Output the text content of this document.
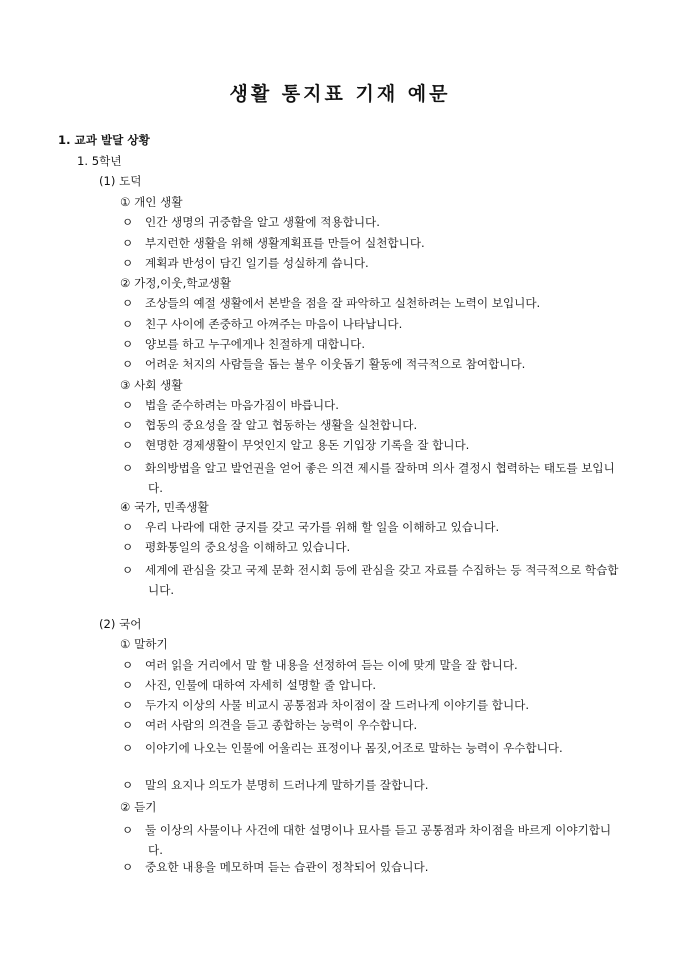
생활 통지표 기재 예문
1. 교과 발달 상황
1. 5학년
(1) 도덕
① 개인 생활
ㅇ 인간 생명의 귀중함을 알고 생활에 적용합니다.
ㅇ 부지런한 생활을 위해 생활계획표를 만들어 실천합니다.
ㅇ 계획과 반성이 담긴 일기를 성실하게 씁니다.
② 가정,이웃,학교생활
ㅇ 조상들의 예절 생활에서 본받을 점을 잘 파악하고 실천하려는 노력이 보입니다.
ㅇ 친구 사이에 존중하고 아껴주는 마음이 나타납니다.
ㅇ 양보를 하고 누구에게나 친절하게 대합니다.
ㅇ 어려운 처지의 사람들을 돕는 불우 이웃돕기 활동에 적극적으로 참여합니다.
③ 사회 생활
ㅇ 법을 준수하려는 마음가짐이 바릅니다.
ㅇ 협동의 중요성을 잘 알고 협동하는 생활을 실천합니다.
ㅇ 현명한 경제생활이 무엇인지 알고 용돈 기입장 기록을 잘 합니다.
ㅇ 화의방법을 알고 발언권을 얻어 좋은 의견 제시를 잘하며 의사 결정시 협력하는 태도를 보입니다.
④ 국가, 민족생활
ㅇ 우리 나라에 대한 긍지를 갖고 국가를 위해 할 일을 이해하고 있습니다.
ㅇ 평화통일의 중요성을 이해하고 있습니다.
ㅇ 세계에 관심을 갖고 국제 문화 전시회 등에 관심을 갖고 자료를 수집하는 등 적극적으로 학습합니다.
(2) 국어
① 말하기
ㅇ 여러 읽을 거리에서 말 할 내용을 선정하여 듣는 이에 맞게 말을 잘 합니다.
ㅇ 사진, 인물에 대하여 자세히 설명할 줄 압니다.
ㅇ 두가지 이상의 사물 비교시 공통점과 차이점이 잘 드러나게 이야기를 합니다.
ㅇ 여러 사람의 의견을 듣고 종합하는 능력이 우수합니다.
ㅇ 이야기에 나오는 인물에 어울리는 표정이나 몸짓,어조로 말하는 능력이 우수합니다.
ㅇ 말의 요지나 의도가 분명히 드러나게 말하기를 잘합니다.
② 듣기
ㅇ 둘 이상의 사물이나 사건에 대한 설명이나 묘사를 듣고 공통점과 차이점을 바르게 이야기합니다.
ㅇ 중요한 내용을 메모하며 듣는 습관이 정착되어 있습니다.
